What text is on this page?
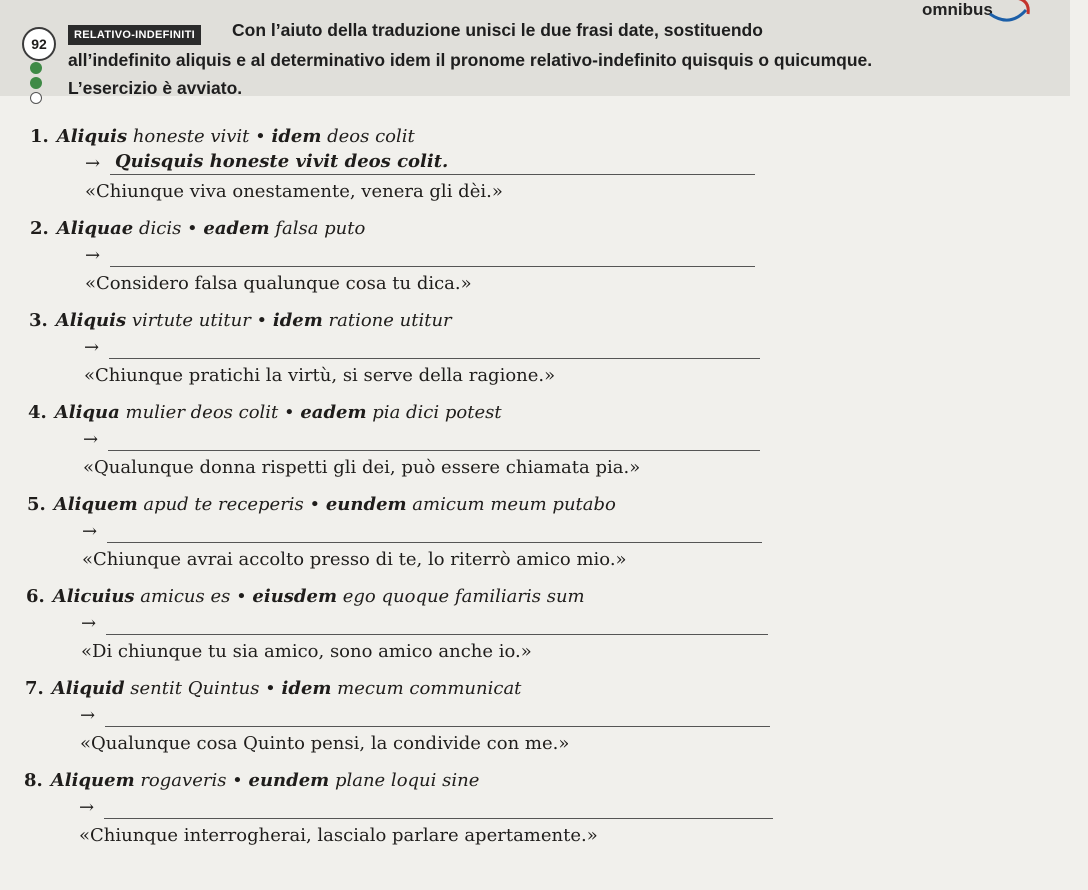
omnibus
92
RELATIVO-INDEFINITI	Con l’aiuto della traduzione unisci le due frasi date, sostituendo
all’indefinito aliquis e al determinativo idem il pronome relativo-indefinito quisquis o quicumque.
L’esercizio è avviato.
1. Aliquis honeste vivit • idem deos colit
→ Quisquis honeste vivit deos colit.
«Chiunque viva onestamente, venera gli dèi.»
2. Aliquae dicis • eadem falsa puto
→
«Considero falsa qualunque cosa tu dica.»
3. Aliquis virtute utitur • idem ratione utitur
→
«Chiunque pratichi la virtù, si serve della ragione.»
4. Aliqua mulier deos colit • eadem pia dici potest
→
«Qualunque donna rispetti gli dei, può essere chiamata pia.»
5. Aliquem apud te receperis • eundem amicum meum putabo
→
«Chiunque avrai accolto presso di te, lo riterrò amico mio.»
6. Alicuius amicus es • eiusdem ego quoque familiaris sum
→
«Di chiunque tu sia amico, sono amico anche io.»
7. Aliquid sentit Quintus • idem mecum communicat
→
«Qualunque cosa Quinto pensi, la condivide con me.»
8. Aliquem rogaveris • eundem plane loqui sine
→
«Chiunque interrogherai, lascialo parlare apertamente.»
